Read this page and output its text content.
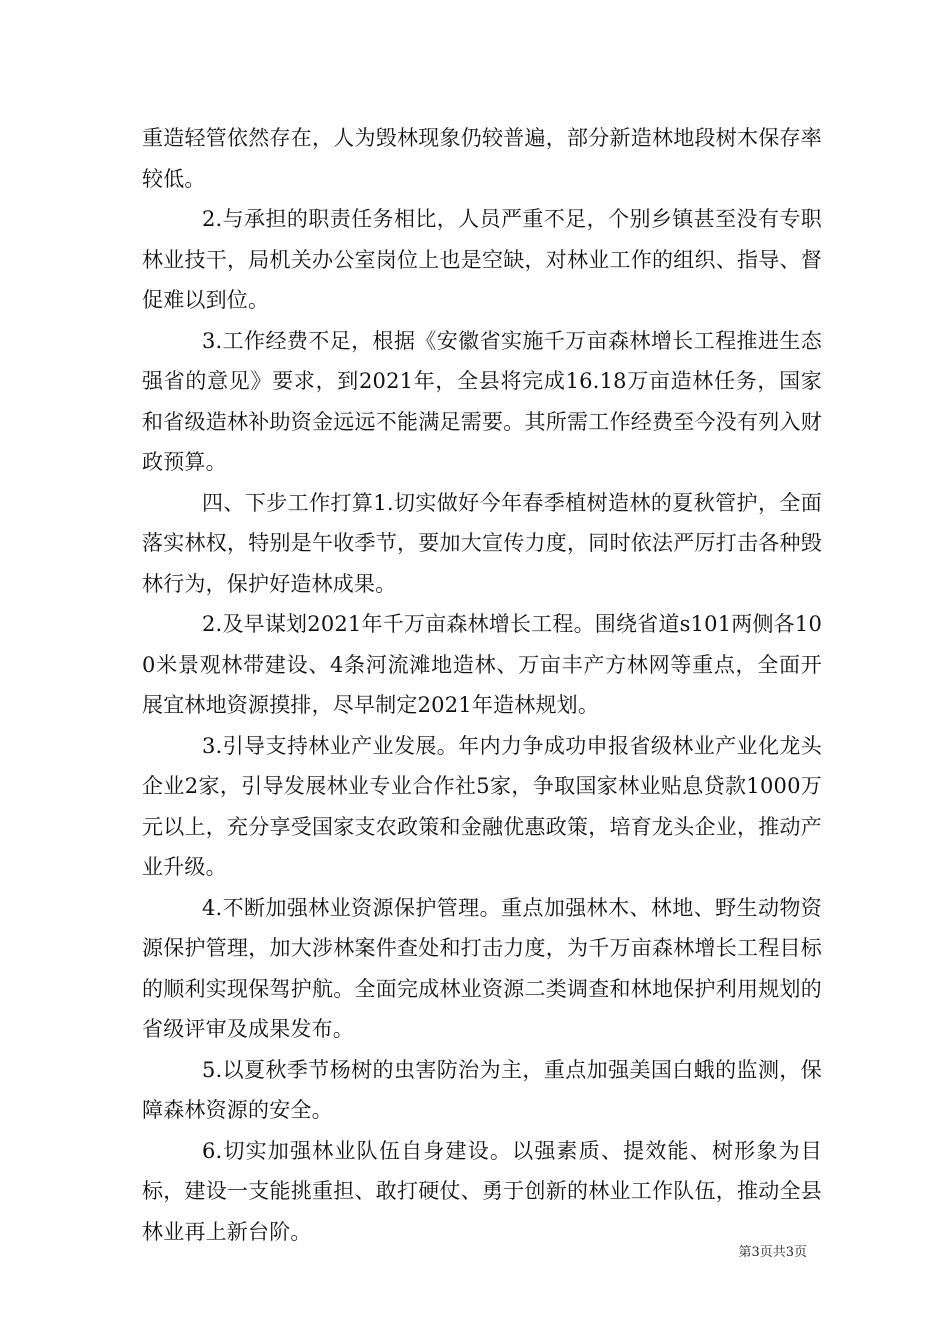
重造轻管依然存在，人为毁林现象仍较普遍，部分新造林地段树木保存率较低。

2.与承担的职责任务相比，人员严重不足，个别乡镇甚至没有专职林业技干，局机关办公室岗位上也是空缺，对林业工作的组织、指导、督促难以到位。

3.工作经费不足，根据《安徽省实施千万亩森林增长工程推进生态强省的意见》要求，到2021年，全县将完成16.18万亩造林任务，国家和省级造林补助资金远远不能满足需要。其所需工作经费至今没有列入财政预算。

四、下步工作打算1.切实做好今年春季植树造林的夏秋管护，全面落实林权，特别是午收季节，要加大宣传力度，同时依法严厉打击各种毁林行为，保护好造林成果。

2.及早谋划2021年千万亩森林增长工程。围绕省道s101两侧各100米景观林带建设、4条河流滩地造林、万亩丰产方林网等重点，全面开展宜林地资源摸排，尽早制定2021年造林规划。

3.引导支持林业产业发展。年内力争成功申报省级林业产业化龙头企业2家，引导发展林业专业合作社5家，争取国家林业贴息贷款1000万元以上，充分享受国家支农政策和金融优惠政策，培育龙头企业，推动产业升级。

4.不断加强林业资源保护管理。重点加强林木、林地、野生动物资源保护管理，加大涉林案件查处和打击力度，为千万亩森林增长工程目标的顺利实现保驾护航。全面完成林业资源二类调查和林地保护利用规划的省级评审及成果发布。

5.以夏秋季节杨树的虫害防治为主，重点加强美国白蛾的监测，保障森林资源的安全。

6.切实加强林业队伍自身建设。以强素质、提效能、树形象为目标，建设一支能挑重担、敢打硬仗、勇于创新的林业工作队伍，推动全县林业再上新台阶。

第3页共3页
